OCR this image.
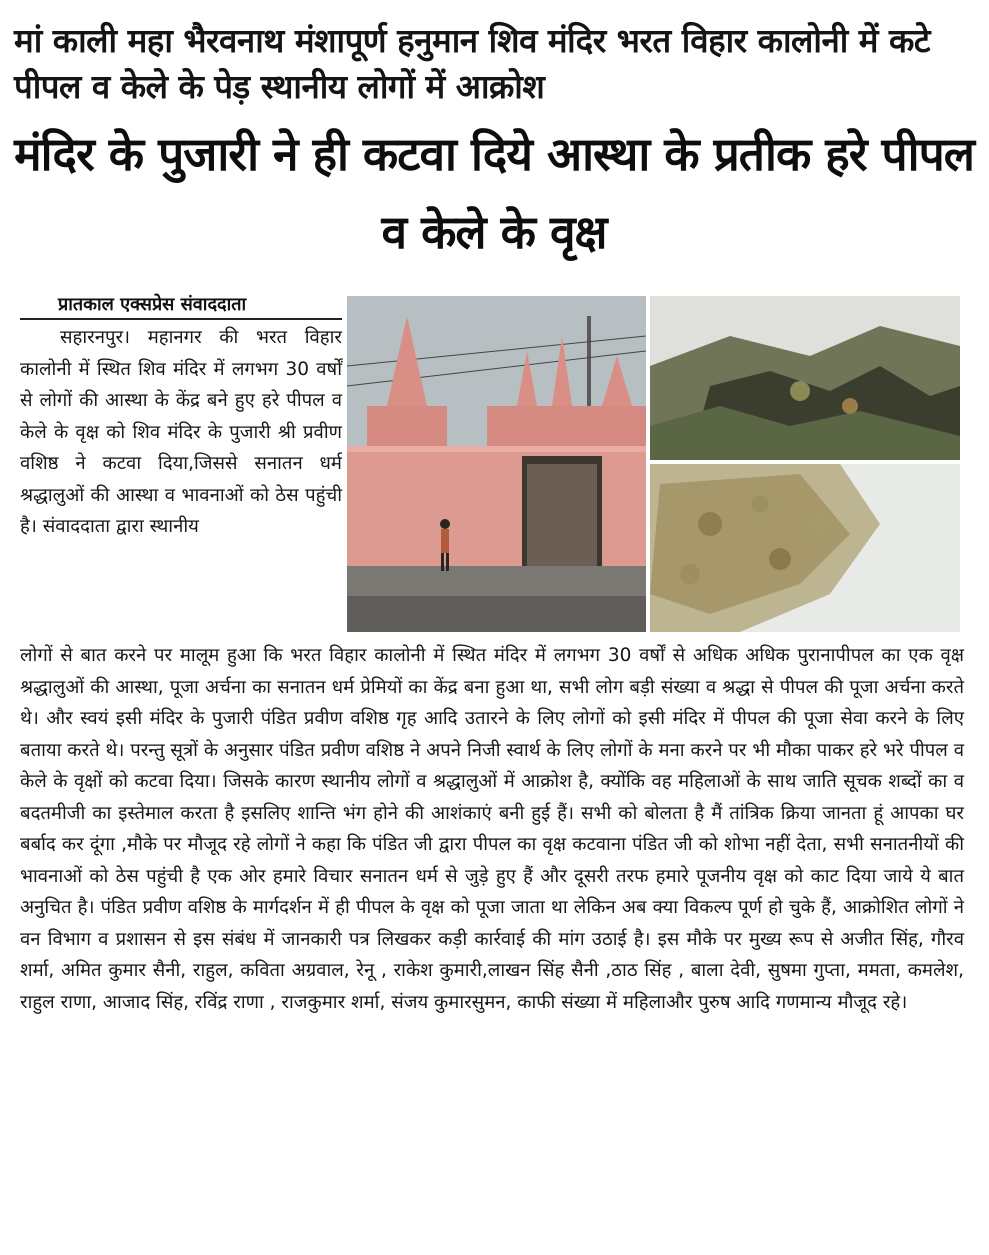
मां काली महा भैरवनाथ मंशापूर्ण हनुमान शिव मंदिर भरत विहार कालोनी में कटे पीपल व केले के पेड़ स्थानीय लोगों में आक्रोश
मंदिर के पुजारी ने ही कटवा दिये आस्था के प्रतीक हरे पीपल व केले के वृक्ष
प्रातकाल एक्सप्रेस संवाददाता
सहारनपुर। महानगर की भरत विहार कालोनी में स्थित शिव मंदिर में लगभग 30 वर्षों से लोगों की आस्था के केंद्र बने हुए हरे पीपल व केले के वृक्ष को शिव मंदिर के पुजारी श्री प्रवीण वशिष्ठ ने कटवा दिया,जिससे सनातन धर्म श्रद्धालुओं की आस्था व भावनाओं को ठेस पहुंची है। संवाददाता द्वारा स्थानीय
लोगों से बात करने पर मालूम हुआ कि भरत विहार कालोनी में स्थित मंदिर में लगभग 30 वर्षों से अधिक अधिक पुरानापीपल का एक वृक्ष श्रद्धालुओं की आस्था, पूजा अर्चना का सनातन धर्म प्रेमियों का केंद्र बना हुआ था, सभी लोग बड़ी संख्या व श्रद्धा से पीपल की पूजा अर्चना करते थे। और स्वयं इसी मंदिर के पुजारी पंडित प्रवीण वशिष्ठ गृह आदि उतारने के लिए लोगों को इसी मंदिर में पीपल की पूजा सेवा करने के लिए बताया करते थे। परन्तु सूत्रों के अनुसार पंडित प्रवीण वशिष्ठ ने अपने निजी स्वार्थ के लिए लोगों के मना करने पर भी मौका पाकर हरे भरे पीपल व केले के वृक्षों को कटवा दिया। जिसके कारण स्थानीय लोगों व श्रद्धालुओं में आक्रोश है, क्योंकि वह महिलाओं के साथ जाति सूचक शब्दों का व बदतमीजी का इस्तेमाल करता है इसलिए शान्ति भंग होने की आशंकाएं बनी हुई हैं। सभी को बोलता है मैं तांत्रिक क्रिया जानता हूं आपका घर बर्बाद कर दूंगा ,मौके पर मौजूद रहे लोगों ने कहा कि पंडित जी द्वारा पीपल का वृक्ष कटवाना पंडित जी को शोभा नहीं देता, सभी सनातनीयों की भावनाओं को ठेस पहुंची है एक ओर हमारे विचार सनातन धर्म से जुड़े हुए हैं और दूसरी तरफ हमारे पूजनीय वृक्ष को काट दिया जाये ये बात अनुचित है। पंडित प्रवीण वशिष्ठ के मार्गदर्शन में ही पीपल के वृक्ष को पूजा जाता था लेकिन अब क्या विकल्प पूर्ण हो चुके हैं, आक्रोशित लोगों ने वन विभाग व प्रशासन से इस संबंध में जानकारी पत्र लिखकर कड़ी कार्रवाई की मांग उठाई है। इस मौके पर मुख्य रूप से अजीत सिंह, गौरव शर्मा, अमित कुमार सैनी, राहुल, कविता अग्रवाल, रेनू , राकेश कुमारी,लाखन सिंह सैनी ,ठाठ सिंह , बाला देवी, सुषमा गुप्ता, ममता, कमलेश, राहुल राणा, आजाद सिंह, रविंद्र राणा , राजकुमार शर्मा, संजय कुमारसुमन, काफी संख्या में महिलाऔर पुरुष आदि गणमान्य मौजूद रहे।
